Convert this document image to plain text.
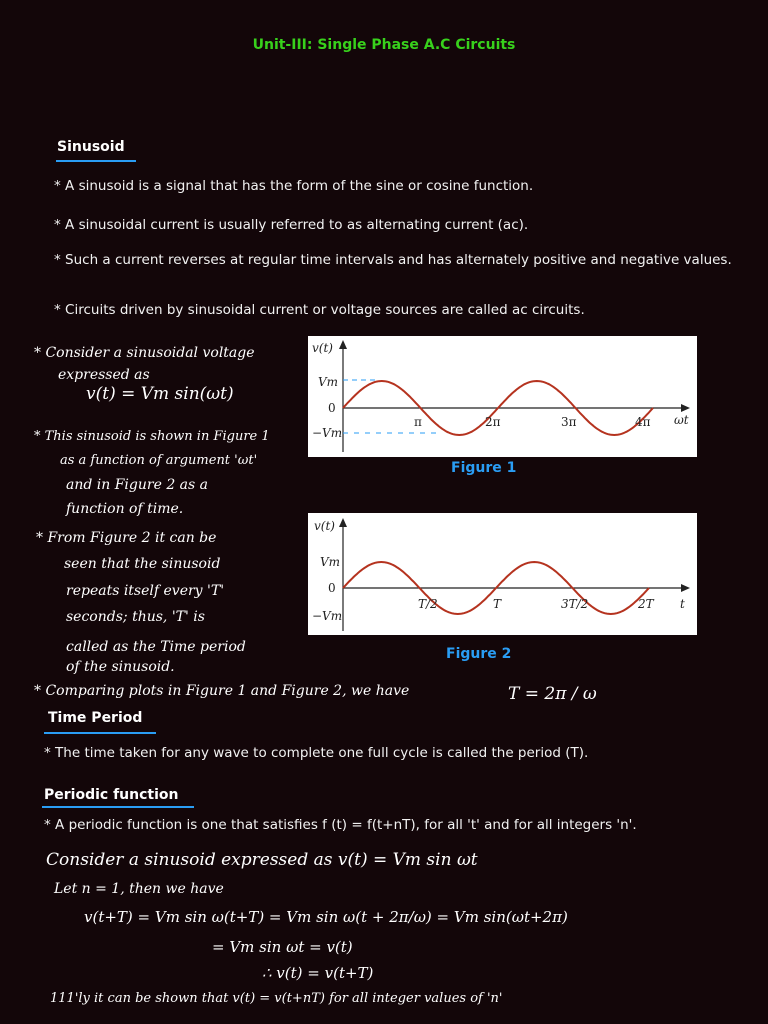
Unit-III: Single Phase A.C Circuits
Sinusoid
* A sinusoid is a signal that has the form of the sine or cosine function.
* A sinusoidal current is usually referred to as alternating current (ac).
* Such a current reverses at regular time intervals and has alternately positive and negative values.
* Circuits driven by sinusoidal current or voltage sources are called ac circuits.
* Consider a sinusoidal voltage
expressed as
v(t) = Vm sin(ωt)
* This sinusoid is shown in Figure 1
as a function of argument 'ωt'
and in Figure 2 as a
function of time.
* From Figure 2 it can be
seen that the sinusoid
repeats itself every 'T'
seconds; thus, 'T' is
called as the Time period
of the sinusoid.
* Comparing plots in Figure 1 and Figure 2, we have	T = 2π / ω
v(t)
Vm
0
−Vm
π	2π	3π	4π ωt
Figure 1
v(t)
Vm
0
−Vm
T/2	T	3T/2	2T t
Figure 2
Time Period
* The time taken for any wave to complete one full cycle is called the period (T).
Periodic function
* A periodic function is one that satisfies f (t) = f(t+nT), for all 't' and for all integers 'n'.
Consider a sinusoid expressed as v(t) = Vm sin ωt
Let n = 1, then we have
v(t+T) = Vm sin ω(t+T) = Vm sin ω(t + 2π/ω) = Vm sin(ωt+2π)
= Vm sin ωt = v(t)
∴ v(t) = v(t+T)
111'ly it can be shown that v(t) = v(t+nT) for all integer values of 'n'
